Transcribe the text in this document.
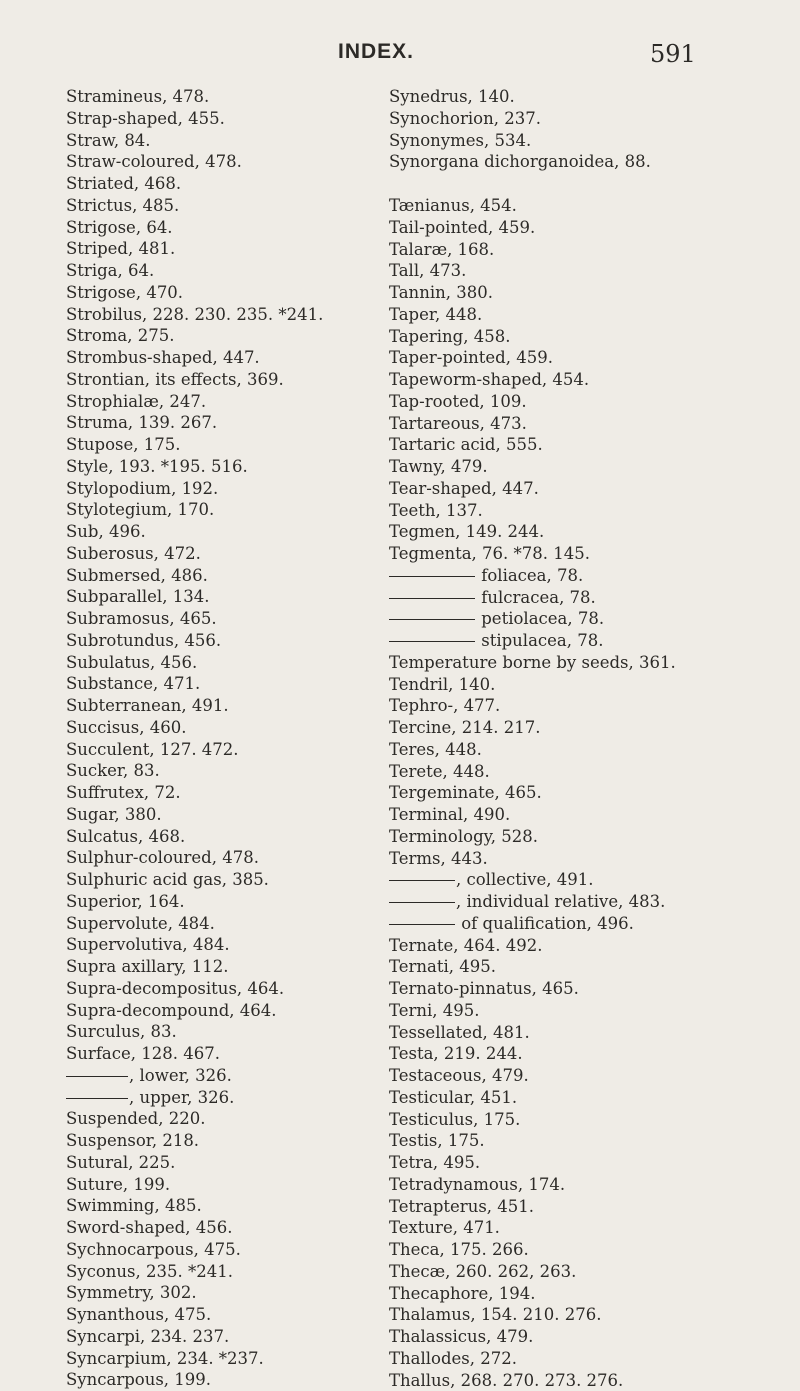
INDEX.	591
Stramineus, 478.
Strap-shaped, 455.
Straw, 84.
Straw-coloured, 478.
Striated, 468.
Strictus, 485.
Strigose, 64.
Striped, 481.
Striga, 64.
Strigose, 470.
Strobilus, 228. 230. 235. *241.
Stroma, 275.
Strombus-shaped, 447.
Strontian, its effects, 369.
Strophialæ, 247.
Struma, 139. 267.
Stupose, 175.
Style, 193. *195. 516.
Stylopodium, 192.
Stylotegium, 170.
Sub, 496.
Suberosus, 472.
Submersed, 486.
Subparallel, 134.
Subramosus, 465.
Subrotundus, 456.
Subulatus, 456.
Substance, 471.
Subterranean, 491.
Succisus, 460.
Succulent, 127. 472.
Sucker, 83.
Suffrutex, 72.
Sugar, 380.
Sulcatus, 468.
Sulphur-coloured, 478.
Sulphuric acid gas, 385.
Superior, 164.
Supervolute, 484.
Supervolutiva, 484.
Supra axillary, 112.
Supra-decompositus, 464.
Supra-decompound, 464.
Surculus, 83.
Surface, 128. 467.
, lower, 326.
, upper, 326.
Suspended, 220.
Suspensor, 218.
Sutural, 225.
Suture, 199.
Swimming, 485.
Sword-shaped, 456.
Sychnocarpous, 475.
Syconus, 235. *241.
Symmetry, 302.
Synanthous, 475.
Syncarpi, 234. 237.
Syncarpium, 234. *237.
Syncarpous, 199.
Synedrus, 140.
Synochorion, 237.
Synonymes, 534.
Synorgana dichorganoidea, 88.
Tænianus, 454.
Tail-pointed, 459.
Talaræ, 168.
Tall, 473.
Tannin, 380.
Taper, 448.
Tapering, 458.
Taper-pointed, 459.
Tapeworm-shaped, 454.
Tap-rooted, 109.
Tartareous, 473.
Tartaric acid, 555.
Tawny, 479.
Tear-shaped, 447.
Teeth, 137.
Tegmen, 149. 244.
Tegmenta, 76. *78. 145.
foliacea, 78.
fulcracea, 78.
petiolacea, 78.
stipulacea, 78.
Temperature borne by seeds, 361.
Tendril, 140.
Tephro-, 477.
Tercine, 214. 217.
Teres, 448.
Terete, 448.
Tergeminate, 465.
Terminal, 490.
Terminology, 528.
Terms, 443.
, collective, 491.
, individual relative, 483.
of qualification, 496.
Ternate, 464. 492.
Ternati, 495.
Ternato-pinnatus, 465.
Terni, 495.
Tessellated, 481.
Testa, 219. 244.
Testaceous, 479.
Testicular, 451.
Testiculus, 175.
Testis, 175.
Tetra, 495.
Tetradynamous, 174.
Tetrapterus, 451.
Texture, 471.
Theca, 175. 266.
Thecæ, 260. 262, 263.
Thecaphore, 194.
Thalamus, 154. 210. 276.
Thalassicus, 479.
Thallodes, 272.
Thallus, 268. 270. 273. 276.
